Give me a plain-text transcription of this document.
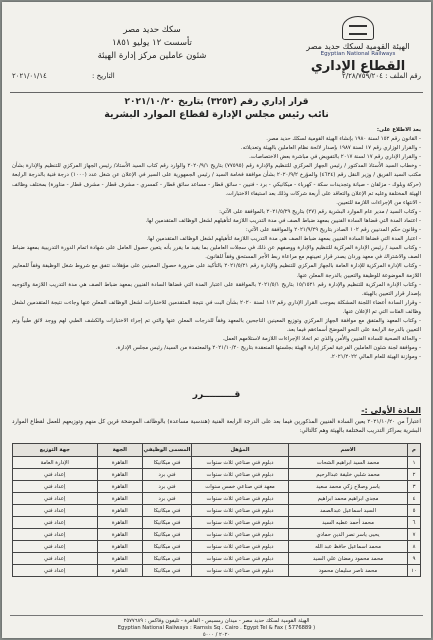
الهيئة القومية لسكك حديد مصر
Egyptian National Railways
القطاع الإداري
سكك حديد مصر
تأسست ١٢ يوليو ١٨٥١
شئون عاملين مركز إدارة الهيئة
رقم الملف : ٢/٢٨/٧٥٩/٢٠٤
التاريخ :
٢٠٢١/٠١/١٤
قرار إداري رقم (٣٢٥٣) بتاريخ ٢٠٢١/١٠/٢٠
نائب رئيس مجلس الإدارة لقطاع الموارد البشرية

بعد الاطلاع على:

- القانون رقم ١٥٢ لسنة ١٩٨٠ بإنشاء الهيئة القومية لسكك حديد مصر.

- والقرار الوزاري رقم ١٧ لسنة ١٩٨٧ بإصدار لائحة نظام العاملين بالهيئة وتعديلاته.

- والقرار الإداري رقم ١٧ لسنة ٢٠١٧ بالتفويض في مباشرة بعض الاختصاصات.

- وخطاب السيد الأستاذ المدكتور / رئيس الجهاز المركزي للتنظيم والإدارة رقم (٧٧٥٩٥) بتاريخ ٢٠٢٠/٩/١ والوارد رقم كتاب السيد الأستاذ/ رئيس الجهاز المركزي للتنظيم والإدارة بشأن مكتب السيد الفريق / وزير النقل رقم (٤٦٢٤) والمؤرخ ٢٠٢٠/٩/٢ بشأن موافقة فخامة السيد / رئيس الجمهورية على السير في الإعلان عن شغل عدد (١٠٠٠) درجة فنية بالدرجة الرابعة (حركة وبلوك - مزلقان - صيانة وتجديدات سكة - كهرباء - ميكانيكي - برد - فنيين - سائق قطار - مساعد سائق قطار - كمسري - مشرف قطار - مشرف قطار - مناورة) بمختلف وظائف الهيئة المختلفة وعليه تم الإعلان والتعاقد على أربعة شركات وذلك بعد استيفاء الاختبارات.

- الانتهاء من الإجراءات اللازمة للتعيين.

- وكتاب السيد / مدير عام الموارد البشرية رقم (٢٧) بتاريخ ٢٠٢١/٥/٢٩ بالموافقة على الآتي:

- اعتماد المدة التي قضاها السادة الفنيين بمعهد ضباط الصف في مدة التدريب اللازمة لتأهيلهم لشغل الوظائف المتقدمين لها.

- وقانون حكم المدنيين رقم ١٠٢ الصادر بتاريخ ٢٠٢١/٩/٢٩ والموافقة على الآتي:

- اعتبار المدة التي قضاها السادة الفنيين بمعهد ضباط الصف هي مدة التدريب اللازمة لتأهيلهم لشغل الوظائف المتقدمين لها.

- وكتاب السيد / رئيس الإدارة المركزية للتنظيم والإدارة ووصفهم عن ذلك في سجلات العاملين بما يفيد ما يقرر بأنه يتعين حصول العامل على شهادة اتمام الدورة التدريبية بمعهد ضباط الصف والاشتراك في معهد وردان يصدر قرار تعيينهم مع مراعاة ربط الأجر المستحق وفقاً للقانون.

- وكتاب الإدارة المركزية للإدارة العامة بالجهاز المركزي للتنظيم والإدارة رقم ٢٠٢١/٥/٢١ بالتأكيد على ضرورة حصول المعينين على مؤهلات تتفق مع شروط شغل الوظيفة وفقاً للمعايير اللازمة الموضوعة للوظيفة والتعيين بالدرجة المعلن عنها.

- وكتاب الإدارة المركزية للتنظيم والإدارة رقم ١٥/١٥٢١ بتاريخ ٢٠٢١/٥/١ بالموافقة على اعتبار المدة التي قضاها السادة الفنيين بمعهد ضباط الصف هي مدة التدريب اللازمة والتوجيه بإصدار قرار التعيين بالهيئة.

- وقرار السادة أعضاء اللجنة المشكلة بموجب القرار الإداري رقم ١١٢ لسنة ٢٠٢٠ بشأن البت في نتيجة المتقدمين للاختبارات لشغل الوظائف المعلن عنها وجاءت نتيجة المتقدمين لشغل وظائف الفئات التي تم الإعلان عنها.

- وكتاب المعهد والمتفق مع موافقة الجهاز المركزي وتوزيع المعينين الناجحين بالمعهد وفقاً للدرجات المعلن عنها والتي تم إجراء الاختبارات والكشف الطبي لهم ووجد لائق طبياً وتم التعيين بالدرجة الرابعة على النحو الموضح أسماءهم فيما بعد.

- والحالة الصحية للسادة الفنيين والأمن والذي تم اتخاذ الإجراءات اللازمة لاستلامهم العمل.

- وموافقة لجنة شئون العاملين الفرعية لمركز إدارة الهيئة بجلستها المنعقدة بتاريخ ٢٠٢١/١٠/٢٠ والمعتمدة من السيد/ رئيس مجلس الإدارة.

- وموازنة الهيئة للعام المالي ٢٠٢١/٢٠٢٢.

قــــــــــرر
المادة الأولى :-
اعتباراً من ٢٠٢١/١٠/٢٠ يعين السادة الفنيين المذكورين فيما بعد على الدرجة الرابعة الفنية (هندسية مساعدة) بالوظائف الموضحة قرين كل منهم وتوزيعهم للعمل لقطاع الموارد البشرية بمراكز التدريب المختلفة بالهيئة وهم كالتالي:
م	الاسم	المؤهل	المسمى الوظيفي	الجهة	جهة التوزيع
١	محمد السيد ابراهيم الشحات	دبلوم فني صناعي ثلاث سنوات	فني ميكانيكا	القاهرة	الإدارة العامة
٢	محمد شلبي خليفة عبدالرحيم	دبلوم فني صناعي ثلاث سنوات	فني برد	القاهرة	إعداد فني
٣	ياسر وصلاح زكي محمد سعيد	معهد فني صناعي خمس سنوات	فني برد	القاهرة	إعداد فني
٤	مجدي ابراهيم محمد ابراهيم	دبلوم فني صناعي ثلاث سنوات	فني برد	القاهرة	إعداد فني
٥	السيد اسماعيل عبدالصمد	دبلوم فني صناعي ثلاث سنوات	فني ميكانيكا	القاهرة	إعداد فني
٦	محمد أحمد عطيه السيد	دبلوم فني صناعي ثلاث سنوات	فني ميكانيكا	القاهرة	إعداد فني
٧	يحيى ياسر نصر الدين حمادي	دبلوم فني صناعي ثلاث سنوات	فني ميكانيكا	القاهرة	إعداد فني
٨	محمد اسماعيل حافظ عبد الله	دبلوم فني صناعي ثلاث سنوات	فني ميكانيكا	القاهرة	إعداد فني
٩	محمد محمود رمضان علي السيد	دبلوم فني صناعي ثلاث سنوات	فني ميكانيكا	القاهرة	إعداد فني
١٠	محمد ناصر سليمان محمود	دبلوم فني صناعي ثلاث سنوات	فني ميكانيكا	القاهرة	إعداد فني
الهيئة القومية لسكك حديد مصر - ميدان رمسيس - القاهرة - تليفون وفاكس : ٢٥٧٧٦٨٩
Egyptian National Railways : Ramsis Sq . Cairo . Egypt Tel & Fax ( 5776889 )
٢٠٢٠ / ٥٠٠٠
